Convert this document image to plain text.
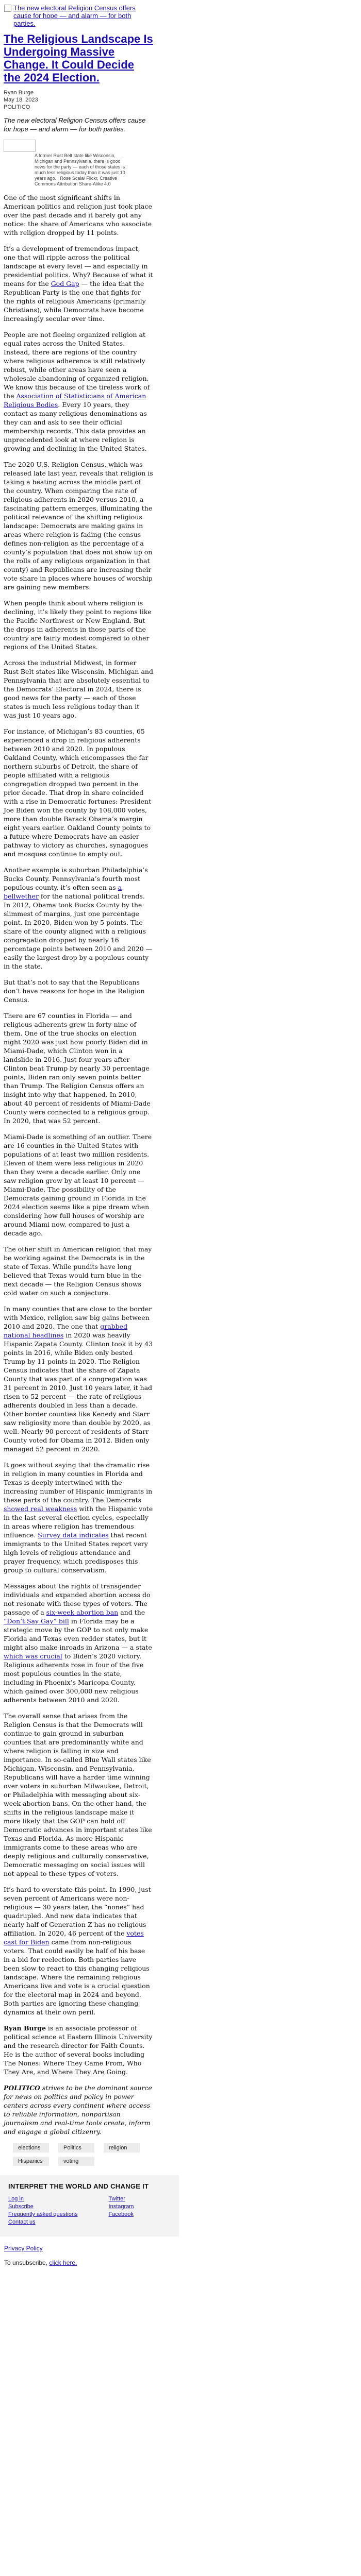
The new electoral Religion Census offers cause for hope — and alarm — for both parties.
The Religious Landscape Is Undergoing Massive Change. It Could Decide the 2024 Election.
Ryan Burge
May 18, 2023
POLITICO
The new electoral Religion Census offers cause for hope — and alarm — for both parties.
A former Rust Belt state like Wisconsin, Michigan and Pennsylvania, there is good news for the party — each of those states is much less religious today than it was just 10 years ago. | Rose Scala/ Flickr, Creative Commons Attribution Share-Alike 4.0

One of the most significant shifts in American politics and religion just took place over the past decade and it barely got any notice: the share of Americans who associate with religion dropped by 11 points.

It’s a development of tremendous impact, one that will ripple across the political landscape at every level — and especially in presidential politics. Why? Because of what it means for the God Gap — the idea that the Republican Party is the one that fights for the rights of religious Americans (primarily Christians), while Democrats have become increasingly secular over time.

People are not fleeing organized religion at equal rates across the United States. Instead, there are regions of the country where religious adherence is still relatively robust, while other areas have seen a wholesale abandoning of organized religion. We know this because of the tireless work of the Association of Statisticians of American Religious Bodies. Every 10 years, they contact as many religious denominations as they can and ask to see their official membership records. This data provides an unprecedented look at where religion is growing and declining in the United States.

The 2020 U.S. Religion Census, which was released late last year, reveals that religion is taking a beating across the middle part of the country. When comparing the rate of religious adherents in 2020 versus 2010, a fascinating pattern emerges, illuminating the political relevance of the shifting religious landscape: Democrats are making gains in areas where religion is fading (the census defines non-religion as the percentage of a county’s population that does not show up on the rolls of any religious organization in that county) and Republicans are increasing their vote share in places where houses of worship are gaining new members.

When people think about where religion is declining, it’s likely they point to regions like the Pacific Northwest or New England. But the drops in adherents in those parts of the country are fairly modest compared to other regions of the United States.

Across the industrial Midwest, in former Rust Belt states like Wisconsin, Michigan and Pennsylvania that are absolutely essential to the Democrats’ Electoral in 2024, there is good news for the party — each of those states is much less religious today than it was just 10 years ago.

For instance, of Michigan’s 83 counties, 65 experienced a drop in religious adherents between 2010 and 2020. In populous Oakland County, which encompasses the far northern suburbs of Detroit, the share of people affiliated with a religious congregation dropped two percent in the prior decade. That drop in share coincided with a rise in Democratic fortunes: President Joe Biden won the county by 108,000 votes, more than double Barack Obama’s margin eight years earlier. Oakland County points to a future where Democrats have an easier pathway to victory as churches, synagogues and mosques continue to empty out.

Another example is suburban Philadelphia’s Bucks County. Pennsylvania’s fourth most populous county, it’s often seen as a bellwether for the national political trends. In 2012, Obama took Bucks County by the slimmest of margins, just one percentage point. In 2020, Biden won by 5 points. The share of the county aligned with a religious congregation dropped by nearly 16 percentage points between 2010 and 2020 — easily the largest drop by a populous county in the state.

But that’s not to say that the Republicans don’t have reasons for hope in the Religion Census.

There are 67 counties in Florida — and religious adherents grew in forty-nine of them. One of the true shocks on election night 2020 was just how poorly Biden did in Miami-Dade, which Clinton won in a landslide in 2016. Just four years after Clinton beat Trump by nearly 30 percentage points, Biden ran only seven points better than Trump. The Religion Census offers an insight into why that happened. In 2010, about 40 percent of residents of Miami-Dade County were connected to a religious group. In 2020, that was 52 percent.

Miami-Dade is something of an outlier. There are 16 counties in the United States with populations of at least two million residents. Eleven of them were less religious in 2020 than they were a decade earlier. Only one saw religion grow by at least 10 percent — Miami-Dade. The possibility of the Democrats gaining ground in Florida in the 2024 election seems like a pipe dream when considering how full houses of worship are around Miami now, compared to just a decade ago.

The other shift in American religion that may be working against the Democrats is in the state of Texas. While pundits have long believed that Texas would turn blue in the next decade — the Religion Census shows cold water on such a conjecture.

In many counties that are close to the border with Mexico, religion saw big gains between 2010 and 2020. The one that grabbed national headlines in 2020 was heavily Hispanic Zapata County. Clinton took it by 43 points in 2016, while Biden only bested Trump by 11 points in 2020. The Religion Census indicates that the share of Zapata County that was part of a congregation was 31 percent in 2010. Just 10 years later, it had risen to 52 percent — the rate of religious adherents doubled in less than a decade. Other border counties like Kenedy and Starr saw religiosity more than double by 2020, as well. Nearly 90 percent of residents of Starr County voted for Obama in 2012. Biden only managed 52 percent in 2020.

It goes without saying that the dramatic rise in religion in many counties in Florida and Texas is deeply intertwined with the increasing number of Hispanic immigrants in these parts of the country. The Democrats showed real weakness with the Hispanic vote in the last several election cycles, especially in areas where religion has tremendous influence. Survey data indicates that recent immigrants to the United States report very high levels of religious attendance and prayer frequency, which predisposes this group to cultural conservatism.

Messages about the rights of transgender individuals and expanded abortion access do not resonate with these types of voters. The passage of a six-week abortion ban and the “Don’t Say Gay” bill in Florida may be a strategic move by the GOP to not only make Florida and Texas even redder states, but it might also make inroads in Arizona — a state which was crucial to Biden’s 2020 victory. Religious adherents rose in four of the five most populous counties in the state, including in Phoenix’s Maricopa County, which gained over 300,000 new religious adherents between 2010 and 2020.

The overall sense that arises from the Religion Census is that the Democrats will continue to gain ground in suburban counties that are predominantly white and where religion is falling in size and importance. In so-called Blue Wall states like Michigan, Wisconsin, and Pennsylvania, Republicans will have a harder time winning over voters in suburban Milwaukee, Detroit, or Philadelphia with messaging about six-week abortion bans. On the other hand, the shifts in the religious landscape make it more likely that the GOP can hold off Democratic advances in important states like Texas and Florida. As more Hispanic immigrants come to these areas who are deeply religious and culturally conservative, Democratic messaging on social issues will not appeal to these types of voters.

It’s hard to overstate this point. In 1990, just seven percent of Americans were non-religious — 30 years later, the “nones” had quadrupled. And new data indicates that nearly half of Generation Z has no religious affiliation. In 2020, 46 percent of the votes cast for Biden came from non-religious voters. That could easily be half of his base in a bid for reelection. Both parties have been slow to react to this changing religious landscape. Where the remaining religious Americans live and vote is a crucial question for the electoral map in 2024 and beyond. Both parties are ignoring these changing dynamics at their own peril.

Ryan Burge is an associate professor of political science at Eastern Illinois University and the research director for Faith Counts. He is the author of several books including The Nones: Where They Came From, Who They Are, and Where They Are Going.

POLITICO strives to be the dominant source for news on politics and policy in power centers across every continent where access to reliable information, nonpartisan journalism and real-time tools create, inform and engage a global citizenry.

elections	Politics	religion
Hispanics	voting
INTERPRET THE WORLD AND CHANGE IT
Log in
Subscribe
Frequently asked questions
Contact us
Twitter
Instagram
Facebook
Privacy Policy
To unsubscribe, click here.
